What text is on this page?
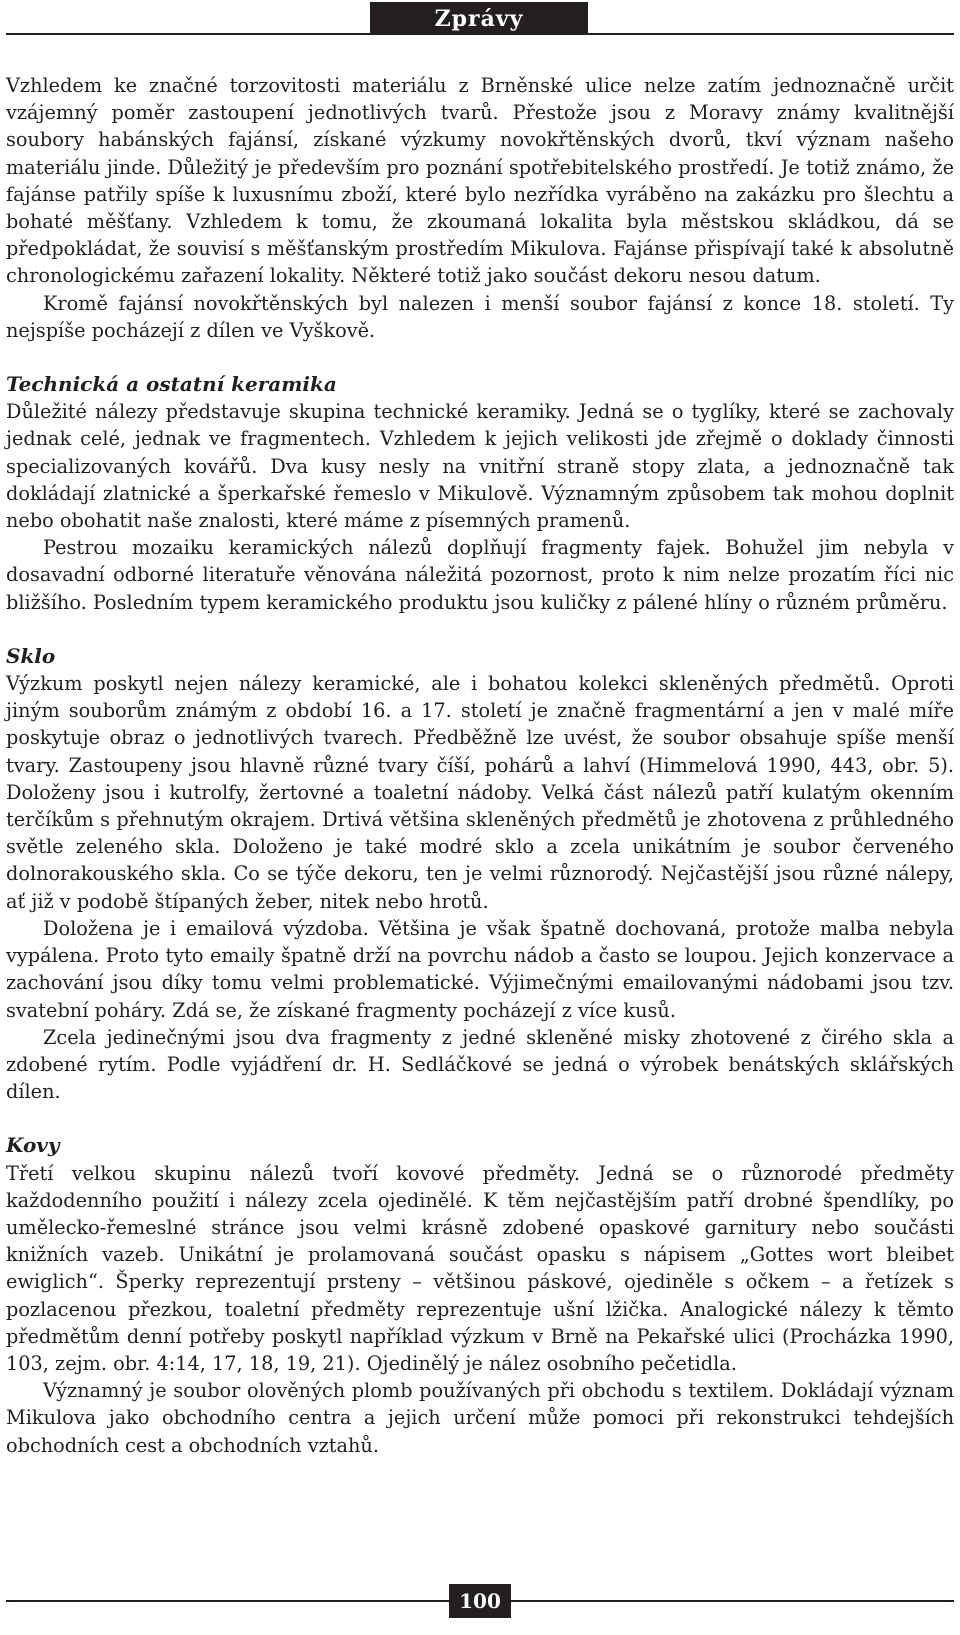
Zprávy

Vzhledem ke značné torzovitosti materiálu z Brněnské ulice nelze zatím jednoznačně určit vzájemný poměr zastoupení jednotlivých tvarů. Přestože jsou z Moravy známy kvalitnější soubory habánských fajánsí, získané výzkumy novokřtěnských dvorů, tkví význam našeho materiálu jinde. Důležitý je především pro poznání spotřebitelského prostředí. Je totiž známo, že fajánse patřily spíše k luxusnímu zboží, které bylo nezřídka vyráběno na zakázku pro šlechtu a bohaté měšťany. Vzhledem k tomu, že zkoumaná lokalita byla městskou skládkou, dá se předpokládat, že souvisí s měšťanským prostředím Mikulova. Fajánse přispívají také k absolutně chronologickému zařazení lokality. Některé totiž jako součást dekoru nesou datum.

Kromě fajánsí novokřtěnských byl nalezen i menší soubor fajánsí z konce 18. století. Ty nejspíše pocházejí z dílen ve Vyškově.

Technická a ostatní keramika

Důležité nálezy představuje skupina technické keramiky. Jedná se o tyglíky, které se zachovaly jednak celé, jednak ve fragmentech. Vzhledem k jejich velikosti jde zřejmě o doklady činnosti specializovaných kovářů. Dva kusy nesly na vnitřní straně stopy zlata, a jednoznačně tak dokládají zlatnické a šperkařské řemeslo v Mikulově. Významným způsobem tak mohou doplnit nebo obohatit naše znalosti, které máme z písemných pramenů.

Pestrou mozaiku keramických nálezů doplňují fragmenty fajek. Bohužel jim nebyla v dosavadní odborné literatuře věnována náležitá pozornost, proto k nim nelze prozatím říci nic bližšího. Posledním typem keramického produktu jsou kuličky z pálené hlíny o různém průměru.

Sklo

Výzkum poskytl nejen nálezy keramické, ale i bohatou kolekci skleněných předmětů. Oproti jiným souborům známým z období 16. a 17. století je značně fragmentární a jen v malé míře poskytuje obraz o jednotlivých tvarech. Předběžně lze uvést, že soubor obsahuje spíše menší tvary. Zastoupeny jsou hlavně různé tvary číší, pohárů a lahví (Himmelová 1990, 443, obr. 5). Doloženy jsou i kutrolfy, žertovné a toaletní nádoby. Velká část nálezů patří kulatým okenním terčíkům s přehnutým okrajem. Drtivá většina skleněných předmětů je zhotovena z průhledného světle zeleného skla. Doloženo je také modré sklo a zcela unikátním je soubor červeného dolnorakouského skla. Co se týče dekoru, ten je velmi různorodý. Nejčastější jsou různé nálepy, ať již v podobě štípaných žeber, nitek nebo hrotů.

Doložena je i emailová výzdoba. Většina je však špatně dochovaná, protože malba nebyla vypálena. Proto tyto emaily špatně drží na povrchu nádob a často se loupou. Jejich konzervace a zachování jsou díky tomu velmi problematické. Výjimečnými emailovanými nádobami jsou tzv. svatební poháry. Zdá se, že získané fragmenty pocházejí z více kusů.

Zcela jedinečnými jsou dva fragmenty z jedné skleněné misky zhotovené z čirého skla a zdobené rytím. Podle vyjádření dr. H. Sedláčkové se jedná o výrobek benátských sklářských dílen.

Kovy

Třetí velkou skupinu nálezů tvoří kovové předměty. Jedná se o různorodé předměty každodenního použití i nálezy zcela ojedinělé. K těm nejčastějším patří drobné špendlíky, po umělecko-řemeslné stránce jsou velmi krásně zdobené opaskové garnitury nebo součásti knižních vazeb. Unikátní je prolamovaná součást opasku s nápisem „Gottes wort bleibet ewiglich“. Šperky reprezentují prsteny – většinou páskové, ojediněle s očkem – a řetízek s pozlacenou přezkou, toaletní předměty reprezentuje ušní lžička. Analogické nálezy k těmto předmětům denní potřeby poskytl například výzkum v Brně na Pekařské ulici (Procházka 1990, 103, zejm. obr. 4:14, 17, 18, 19, 21). Ojedinělý je nález osobního pečetidla.

Významný je soubor olověných plomb používaných při obchodu s textilem. Dokládají význam Mikulova jako obchodního centra a jejich určení může pomoci při rekonstrukci tehdejších obchodních cest a obchodních vztahů.

100
